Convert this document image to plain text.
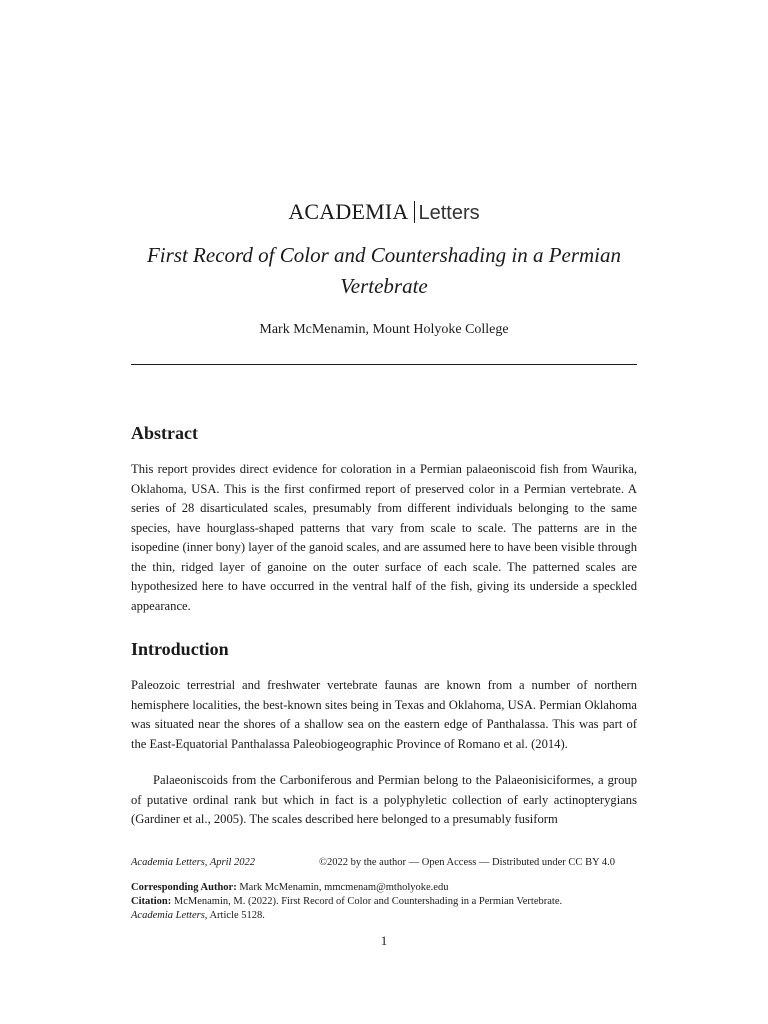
ACADEMIA Letters
First Record of Color and Countershading in a Permian Vertebrate
Mark McMenamin, Mount Holyoke College
Abstract

This report provides direct evidence for coloration in a Permian palaeoniscoid fish from Waurika, Oklahoma, USA. This is the first confirmed report of preserved color in a Permian vertebrate. A series of 28 disarticulated scales, presumably from different individuals belonging to the same species, have hourglass-shaped patterns that vary from scale to scale. The patterns are in the isopedine (inner bony) layer of the ganoid scales, and are assumed here to have been visible through the thin, ridged layer of ganoine on the outer surface of each scale. The patterned scales are hypothesized here to have occurred in the ventral half of the fish, giving its underside a speckled appearance.

Introduction

Paleozoic terrestrial and freshwater vertebrate faunas are known from a number of northern hemisphere localities, the best-known sites being in Texas and Oklahoma, USA. Permian Oklahoma was situated near the shores of a shallow sea on the eastern edge of Panthalassa. This was part of the East-Equatorial Panthalassa Paleobiogeographic Province of Romano et al. (2014).

Palaeoniscoids from the Carboniferous and Permian belong to the Palaeonisiciformes, a group of putative ordinal rank but which in fact is a polyphyletic collection of early actinopterygians (Gardiner et al., 2005). The scales described here belonged to a presumably fusiform

Academia Letters, April 2022	©2022 by the author — Open Access — Distributed under CC BY 4.0
Corresponding Author: Mark McMenamin, mmcmenam@mtholyoke.edu
Citation: McMenamin, M. (2022). First Record of Color and Countershading in a Permian Vertebrate.
Academia Letters, Article 5128.
1
